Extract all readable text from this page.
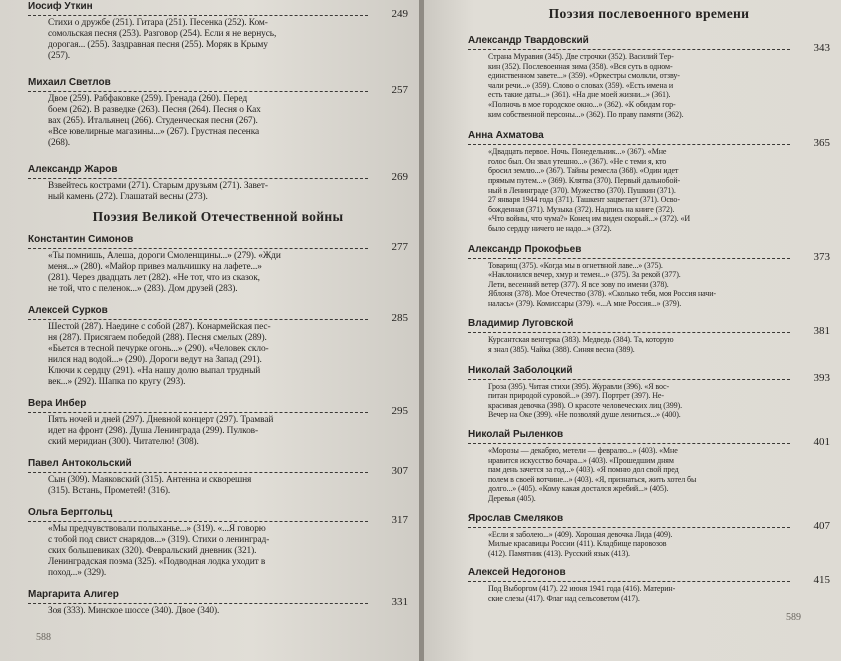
Иосиф Уткин
249
Стихи о дружбе (251). Гитара (251). Песенка (252). Ком-
сомольская песня (253). Разговор (254). Если я не вернусь,
дорогая... (255). Заздравная песня (255). Моряк в Крыму
(257).
Михаил Светлов
257
Двое (259). Рабфаковке (259). Гренада (260). Перед
боем (262). В разведке (263). Песня (264). Песня о Ках
вах (265). Итальянец (266). Студенческая песня (267).
«Все ювелирные магазины...» (267). Грустная песенка
(268).
Александр Жаров
269
Взвейтесь кострами (271). Старым друзьям (271). Завет-
ный камень (272). Глашатай весны (273).
Поэзия Великой Отечественной войны
Константин Симонов
277
«Ты помнишь, Алеша, дороги Смоленщины...» (279). «Жди
меня...» (280). «Майор привез мальчишку на лафете...»
(281). Через двадцать лет (282). «Не тот, что из сказок,
не той, что с пеленок...» (283). Дом друзей (283).
Алексей Сурков
285
Шестой (287). Наедине с собой (287). Конармейская пес-
ня (287). Присягаем победой (288). Песня смелых (289).
«Бьется в тесной печурке огонь...» (290). «Человек скло-
нился над водой...» (290). Дороги ведут на Запад (291).
Ключи к сердцу (291). «На нашу долю выпал трудный
век...» (292). Шапка по кругу (293).
Вера Инбер
295
Пять ночей и дней (297). Дневной концерт (297). Трамвай
идет на фронт (298). Душа Ленинграда (299). Пулков-
ский меридиан (300). Читателю! (308).
Павел Антокольский
307
Сын (309). Маяковский (315). Антенна и скворешня
(315). Встань, Прометей! (316).
Ольга Берггольц
317
«Мы предчувствовали полыханье...» (319). «...Я говорю
с тобой под свист снарядов...» (319). Стихи о ленинград-
ских большевиках (320). Февральский дневник (321).
Ленинградская поэма (325). «Подводная лодка уходит в
поход...» (329).
Маргарита Алигер
331
Зоя (333). Минское шоссе (340). Двое (340).
588
Поэзия послевоенного времени
Александр Твардовский
343
Страна Муравия (345). Две строчки (352). Василий Тер-
кин (352). Послевоенная зима (358). «Вся суть в одном-
единственном завете...» (359). «Оркестры смолкли, отзву-
чали речи...» (359). Слово о словах (359). «Есть имена и
есть такие даты...» (361). «На дне моей жизни...» (361).
«Полночь в мое городское окно...» (362). «К обидам гор-
ким собственной персоны...» (362). По праву памяти (362).
Анна Ахматова
365
«Двадцать первое. Ночь. Понедельник...» (367). «Мне
голос был. Он звал утешно...» (367). «Не с теми я, кто
бросил землю...» (367). Тайны ремесла (368). «Один идет
прямым путем...» (369). Клятва (370). Первый дальнобой-
ный в Ленинграде (370). Мужество (370). Пушкин (371).
27 января 1944 года (371). Ташкент зацветает (371). Осво-
божденная (371). Музыка (372). Надпись на книге (372).
«Что войны, что чума?» Конец им виден скорый...» (372). «И
было сердцу ничего не надо...» (372).
Александр Прокофьев
373
Товарищ (375). «Когда мы в огнетвной лаве...» (375).
«Наклонился вечер, хмур и темен...» (375). За рекой (377).
Лети, весенний ветер (377). Я все зову по имени (378).
Яблоня (378). Мое Отечество (378). «Сколько тебя, моя Россия начи-
налась» (379). Комиссары (379). «...А мне Россия...» (379).
Владимир Луговской
381
Курсантская венгерка (383). Медведь (384). Та, которую
я знал (385). Чайка (388). Синяя весна (389).
Николай Заболоцкий
393
Гроза (395). Читая стихи (395). Журавли (396). «Я вос-
питан природой суровой...» (397). Портрет (397). Не-
красивая девочка (398). О красоте человеческих лиц (399).
Вечер на Оке (399). «Не позволяй душе лениться...» (400).
Николай Рыленков
401
«Морозы — декабрю, метели — февралю...» (403). «Мне
нравится искусство бочара...» (403). «Прошедшим дням
пам день зачется за год...» (403). «Я помню дол свой пред
полем в своей вотчине...» (403). «Я, признаться, жить хотел бы
долго...» (405). «Кому какая достался жребий...» (405).
Деревья (405).
Ярослав Смеляков
407
«Если я заболею...» (409). Хорошая девочка Лида (409).
Милые красавицы России (411). Кладбище паровозов
(412). Памятник (413). Русский язык (413).
Алексей Недогонов
415
Под Выборгом (417). 22 июня 1941 года (416). Материн-
ские слезы (417). Флаг над сельсоветом (417).
589
